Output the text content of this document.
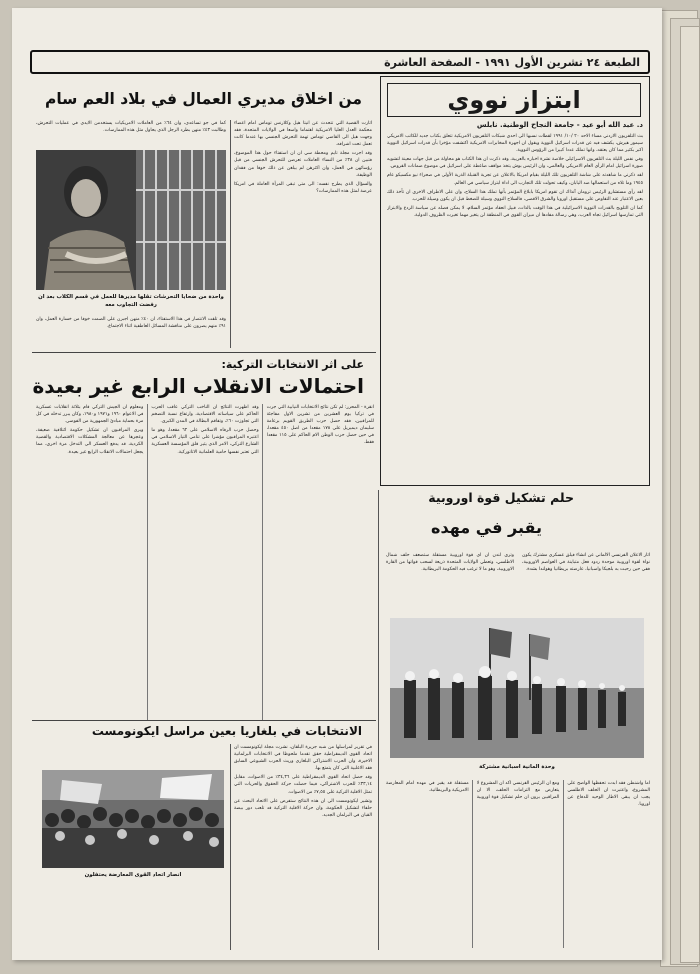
الطبعة ٢٤ تشرين الأول ١٩٩١ - الصفحة العاشرة
ابتزاز نووي
د. عبد الله أبو عيد - جامعة النجاح الوطنية. نابلس

بث التلفزيون الاردني مساء الاحد ٢٠ /١٠/ ١٩٩١ لقطات نسبها الى احدى شبكات التلفزيون الامريكية تتعلق بكتاب جديد للكاتب الامريكي سيمور هيرش، يكشف فيه عن قدرات اسرائيل النووية ويقول ان اجهزة المخابرات الامريكية اكتشفت مؤخرا بأن قدرات اسرائيل النووية اكبر بكثير مما كان يعتقد، وانها تملك عددا كبيرا من الرؤوس النووية.

وفي نفس الليلة بث التلفزيون الاسرائيلي خلاصة نشرة اخباره بالعربية، وقد ذكرت ان هذا الكتاب هو محاولة من قبل جهات معينة لتشويه صورة اسرائيل امام الرأي العام الامريكي والعالمي، وان الرئيس بوش يتخذ مواقف ضاغطة على اسرائيل في موضوع ضمانات القروض.

لقد ذكرني ما شاهدته على شاشة التلفزيون تلك الليلة بقيام امريكا بالاعلان عن تجربة القنبلة الذرية الأولى في صحراء نيو مكسيكو عام ١٩٤٥ وما تلاه من استعمالها ضد اليابان، وكيف تحولت تلك التجارب الى اداة ابتزاز سياسي في العالم.

لقد رأى مستشارو الرئيس ترومان آنذاك ان تقوم امريكا بابلاغ المؤتمر بأنها تملك هذا السلاح، وان على الاطراف الاخرى ان تأخذ ذلك بعين الاعتبار عند التفاوض على مستقبل اوروبا والشرق الاقصى، فالسلاح النووي وسيلة للضغط قبل ان يكون وسيلة للحرب.

كما ان التلويح بالقدرات النووية الاسرائيلية في هذا الوقت بالذات، قبيل انعقاد مؤتمر السلام، لا يمكن فصله عن سياسة الردع والابتزاز التي تمارسها اسرائيل تجاه العرب، وهي رسالة مفادها ان ميزان القوى في المنطقة لن يتغير مهما تغيرت الظروف الدولية.

من اخلاق مديري العمال في بلاد العم سام

اثارت القضية التي تتحدث عن انيتا هيل وكلارنس توماس امام اعضاء محكمة العدل العليا الامريكية اهتماما واسعا في الولايات المتحدة، فقد وجهت هيل الى القاضي توماس تهمة التحرش الجنسي بها عندما كانت تعمل تحت اشرافه.

وقد اجرت مجلة تايم ومحطة سي ان ان استفتاء حول هذا الموضوع، فتبين ان ٣٨٪ من النساء العاملات تعرضن للتحرش الجنسي من قبل رؤسائهن في العمل، وان اكثرهن لم يبلغن عن ذلك خوفا من فقدان الوظيفة.

والسؤال الذي يطرح نفسه: الى متى تبقى المرأة العاملة في امريكا عرضة لمثل هذه الممارسات؟

كما في جو تساعدي، وان ٦٤٪ من العاملات الامريكيات يستخدمن الايدي في عمليات التحرش، وطالبت ٤٣٪ منهن بطرد الرجل الذي يحاول مثل هذه الممارسات.

واحدة من ضحايا التحرشات تقلها مديرها للعمل في قسم الكلاب بعد ان رفضت التجاوب معه

وقد تلقت الانتصار في هذا الاستفتاء، ان ٤٠٪ منهن اجبرن على الصمت خوفا من خسارة العمل، وان ٩١٪ منهم يصرون على مناقشة المسائل العاطفية اثناء الاجتماع.

على اثر الانتخابات التركية:
احتمالات الانقلاب الرابع غير بعيدة

انقرة - المحرر: لم تكن نتائج الانتخابات النيابية التي جرت في تركيا يوم العشرين من تشرين الاول مفاجئة للمراقبين، فقد حصل حزب الطريق القويم بزعامة سليمان ديميريل على ١٧٨ مقعدا من اصل ٤٥٠ مقعدا، في حين حصل حزب الوطن الام الحاكم على ١١٥ مقعدا فقط.

وقد اظهرت النتائج ان الناخب التركي عاقب الحزب الحاكم على سياساته الاقتصادية، وارتفاع نسبة التضخم التي تجاوزت ٦٠٪، وتفاقم البطالة في المدن الكبرى.

وحصل حزب الرفاه الاسلامي على ٦٢ مقعدا، وهو ما اعتبره المراقبون مؤشرا على تنامي التيار الاسلامي في الشارع التركي، الامر الذي يثير قلق المؤسسة العسكرية التي تعتبر نفسها حامية العلمانية الاتاتوركية.

ومعلوم ان الجيش التركي قام بثلاثة انقلابات عسكرية في الاعوام ١٩٦٠ و١٩٧١ و١٩٨٠، وكان يبرر تدخله في كل مرة بحماية مبادئ الجمهورية من الفوضى.

ويرى المراقبون ان تشكيل حكومة ائتلافية ضعيفة، وعجزها عن معالجة المشكلات الاقتصادية والقضية الكردية، قد يدفع العسكر الى التدخل مرة اخرى، مما يجعل احتمالات الانقلاب الرابع غير بعيدة.

الانتخابات في بلغاريا بعين مراسل ايكونومست

في تقرير لمراسلها من شبه جزيرة البلقان، نشرت مجلة ايكونومست ان اتحاد القوى الديمقراطية حقق تقدما ملحوظا في الانتخابات البرلمانية الاخيرة، وان الحزب الاشتراكي البلغاري وريث الحزب الشيوعي السابق فقد الاغلبية التي كان يتمتع بها.

وقد حصل اتحاد القوى الديمقراطية على ٣٤,٣٦٪ من الاصوات، مقابل ٣٣,١٤٪ للحزب الاشتراكي، فيما حصلت حركة الحقوق والحريات التي تمثل الاقلية التركية على ٧,٥٥٪ من الاصوات.

وتشير ايكونومست الى ان هذه النتائج ستفرض على الاتحاد البحث عن حلفاء لتشكيل الحكومة، وان حركة الاقلية التركية قد تلعب دور بيضة القبان في البرلمان الجديد.

انصار اتحاد القوى المعارضة يحتفلون
حلم تشكيل قوة اوروبية
يقبر في مهده

اثار الاعلان الفرنسي الالماني عن انشاء فيلق عسكري مشترك يكون نواة لقوة اوروبية موحدة ردود فعل متباينة في العواصم الاوروبية، ففي حين رحبت به بلجيكا واسبانيا، عارضته بريطانيا وهولندا بشدة.

وترى لندن ان اي قوة اوروبية مستقلة ستضعف حلف شمال الاطلسي، وتعطي الولايات المتحدة ذريعة لسحب قواتها من القارة الاوروبية، وهو ما لا ترغب فيه الحكومة البريطانية.

وحدة المانية اسبانية مشتركة

اما واشنطن فقد ابدت تحفظها الواضح على المشروع، واعتبرت ان الحلف الاطلسي يجب ان يبقى الاطار الوحيد للدفاع عن اوروبا.

ومع ان الرئيس الفرنسي اكد ان المشروع لا يتعارض مع التزامات الحلف، الا ان المراقبين يرون ان حلم تشكيل قوة اوروبية مستقلة قد يقبر في مهده امام المعارضة الامريكية والبريطانية.
